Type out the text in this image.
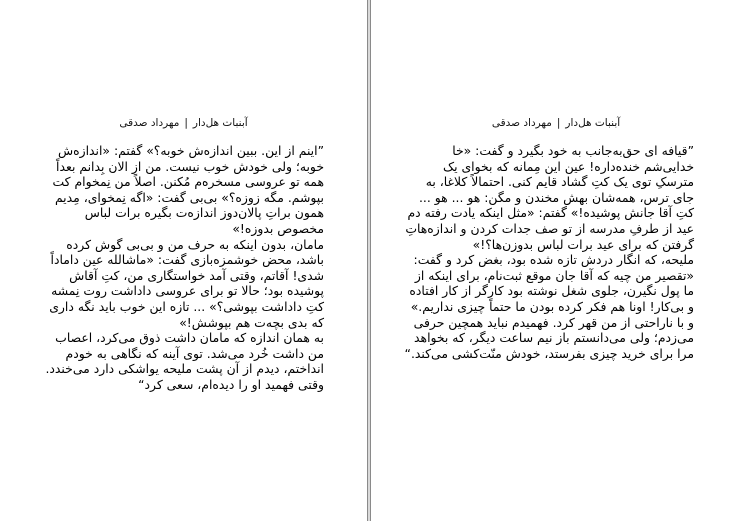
آبنبات هل‌دار|مهرداد صدقی

”اینم از این. ببین اندازه‌ش خوبه؟» گفتم: «اندازه‌ش خوبه؛ ولی خودش خوب نیست. من از الان بِدانم بعداً همه تو عروسی مسخره‌م مُکنن. اصلاً من نِمخوام کت بپوشم. مگه زوزه؟» بی‌بی گفت: «اگه نِمخوای، مِدیم همون براتِ پالان‌دوز اندازه‌ت بگیره برات لباس مخصوص بدوزه!»

مامان، بدون اینکه به حرف من و بی‌بی گوش کرده باشد، محض خوشمزه‌بازی گفت: «ماشالله عین داماداً شدی! آقاتم، وقتی آمد خواستگاری من، کتِ آقاش پوشیده بود؛ حالا تو برای عروسی داداشت روت نِمشه کتِ داداشت بپوشی؟» ... تازه این خوب باید نگه داری که بدی بچه‌ت هم بپوشش!»

به همان اندازه که مامان داشت ذوق می‌کرد، اعصاب من داشت خُرد می‌شد. توی آینه که نگاهی به خودم انداختم، دیدم از آن پشت ملیحه یواشکی دارد می‌خندد. وقتی فهمید او را دیده‌ام، سعی کرد“

آبنبات هل‌دار|مهرداد صدقی

”قیافه ای حق‌به‌جانب به خود بگیرد و گفت: «خا خدایی‌شم خنده‌داره! عین این مِمانه که بخوای یک مترسکِ توی یک کتِ گشاد قایم کنی. احتمالاً کلاغا، به جای ترس، همه‌شان بهش مخندن و مگن: هو ... هو ... کتِ آقا جانش پوشیده!» گفتم: «مثل اینکه یادت رفته دم عید از طرفِ مدرسه از تو صف جدات کردن و اندازه‌هاتِ گرفتن که برای عید برات لباس بدوزن‌ها؟!»

ملیحه، که انگار دردش تازه شده بود، بغض کرد و گفت: «تقصیر من چیه که آقا جان موقع ثبت‌نام، برای اینکه از ما پول نگیرن، جلوی شغل نوشته بود کارگر از کار افتاده و بی‌کار! اونا هم فکر کرده بودن ما حتماً چیزی نداریم.» و با ناراحتی از من قهر کرد. فهمیدم نباید همچین حرفی می‌زدم؛ ولی می‌دانستم باز نیم ساعت دیگر، که بخواهد مرا برای خرید چیزی بفرستد، خودش منّت‌کشی می‌کند.“
